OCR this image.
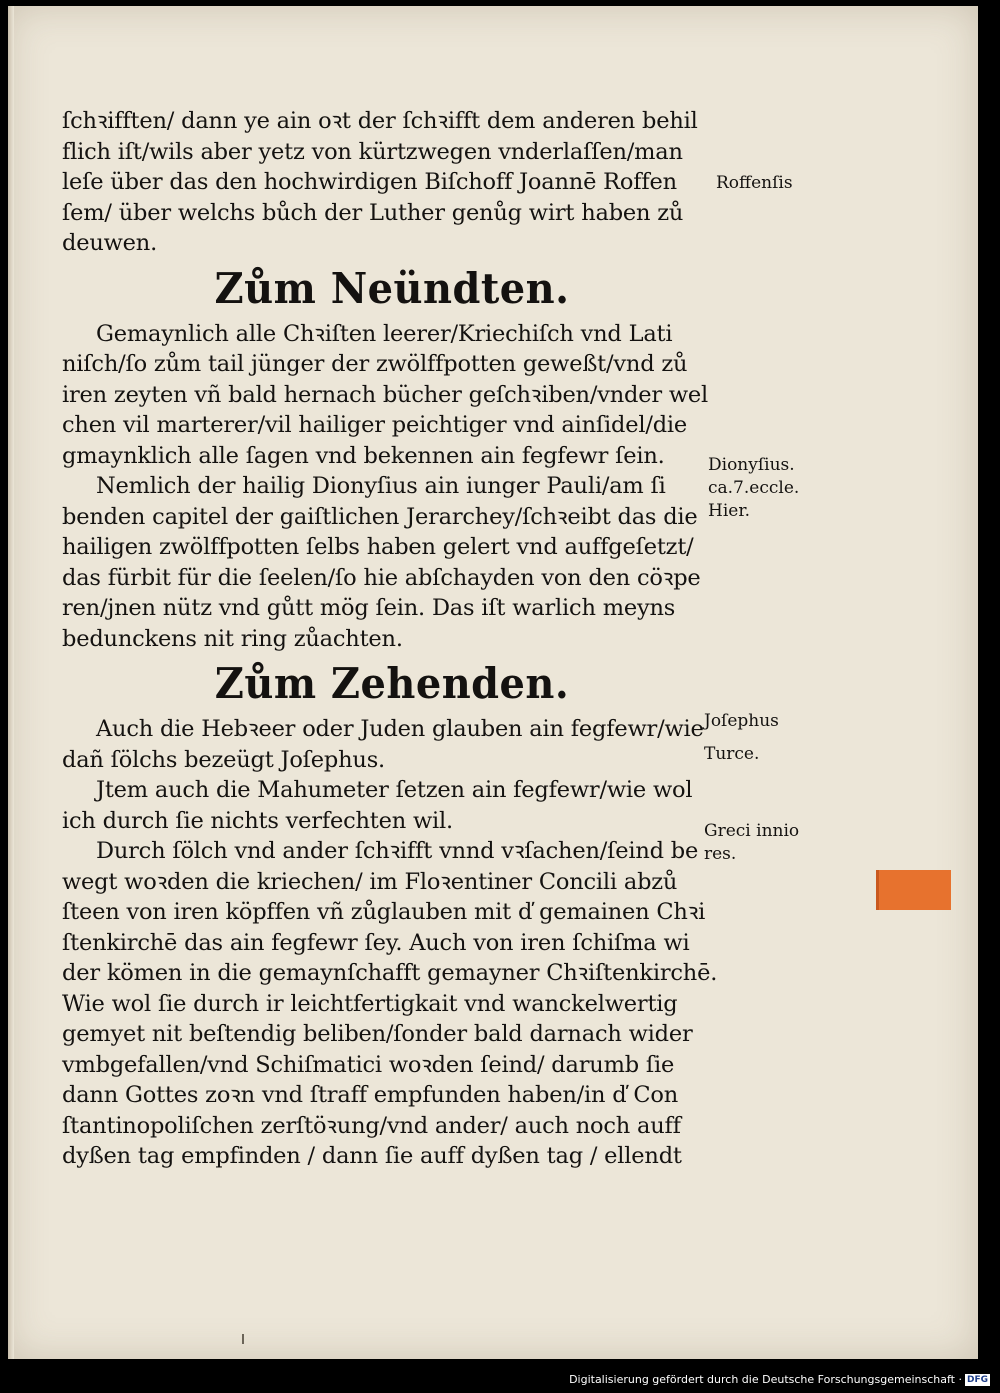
ſchꝛifften/ dann ye ain oꝛt der ſchꝛifft dem anderen behil
flich iſt/wils aber yetz von kürtzwegen vnderlaſſen/man
leſe über das den hochwirdigen Biſchoff Joannē Roffen
ſem/ über welchs bůch der Luther genůg wirt haben zů
deuwen.
Zům Neündten.
Gemaynlich alle Chꝛiſten leerer/Kriechiſch vnd Lati
niſch/ſo zům tail jünger der zwölffpotten geweßt/vnd zů
iren zeyten vñ bald hernach bücher geſchꝛiben/vnder wel
chen vil marterer/vil hailiger peichtiger vnd ainſidel/die
gmaynklich alle ſagen vnd bekennen ain fegfewr ſein.
Nemlich der hailig Dionyſius ain iunger Pauli/am ſi
benden capitel der gaiſtlichen Jerarchey/ſchꝛeibt das die
hailigen zwölffpotten ſelbs haben gelert vnd auffgeſetzt/
das fürbit für die ſeelen/ſo hie abſchayden von den cöꝛpe
ren/jnen nütz vnd gůtt mög ſein. Das iſt warlich meyns
bedunckens nit ring zůachten.
Zům Zehenden.
Auch die Hebꝛeer oder Juden glauben ain fegfewr/wie
dañ ſölchs bezeügt Joſephus.
Jtem auch die Mahumeter ſetzen ain fegfewr/wie wol
ich durch ſie nichts verfechten wil.
Durch ſölch vnd ander ſchꝛifft vnnd vꝛſachen/ſeind be
wegt woꝛden die kriechen/ im Floꝛentiner Concili abzů
ſteen von iren köpffen vñ zůglauben mit ď gemainen Chꝛi
ſtenkirchē das ain fegfewr ſey. Auch von iren ſchiſma wi
der kömen in die gemaynſchafft gemayner Chꝛiſtenkirchē.
Wie wol ſie durch ir leichtfertigkait vnd wanckelwertig
gemyet nit beſtendig beliben/ſonder bald darnach wider
vmbgefallen/vnd Schiſmatici woꝛden ſeind/ darumb ſie
dann Gottes zoꝛn vnd ſtraff empfunden haben/in ď Con
ſtantinopoliſchen zerſtöꝛung/vnd ander/ auch noch auff
dyßen tag empfinden / dann ſie auff dyßen tag / ellendt
Roffenſis
Dionyſius.
ca.7.eccle.
Hier.
Joſephus
Turce.
Greci innio
res.
Digitalisierung gefördert durch die Deutsche Forschungsgemeinschaft · DFG
